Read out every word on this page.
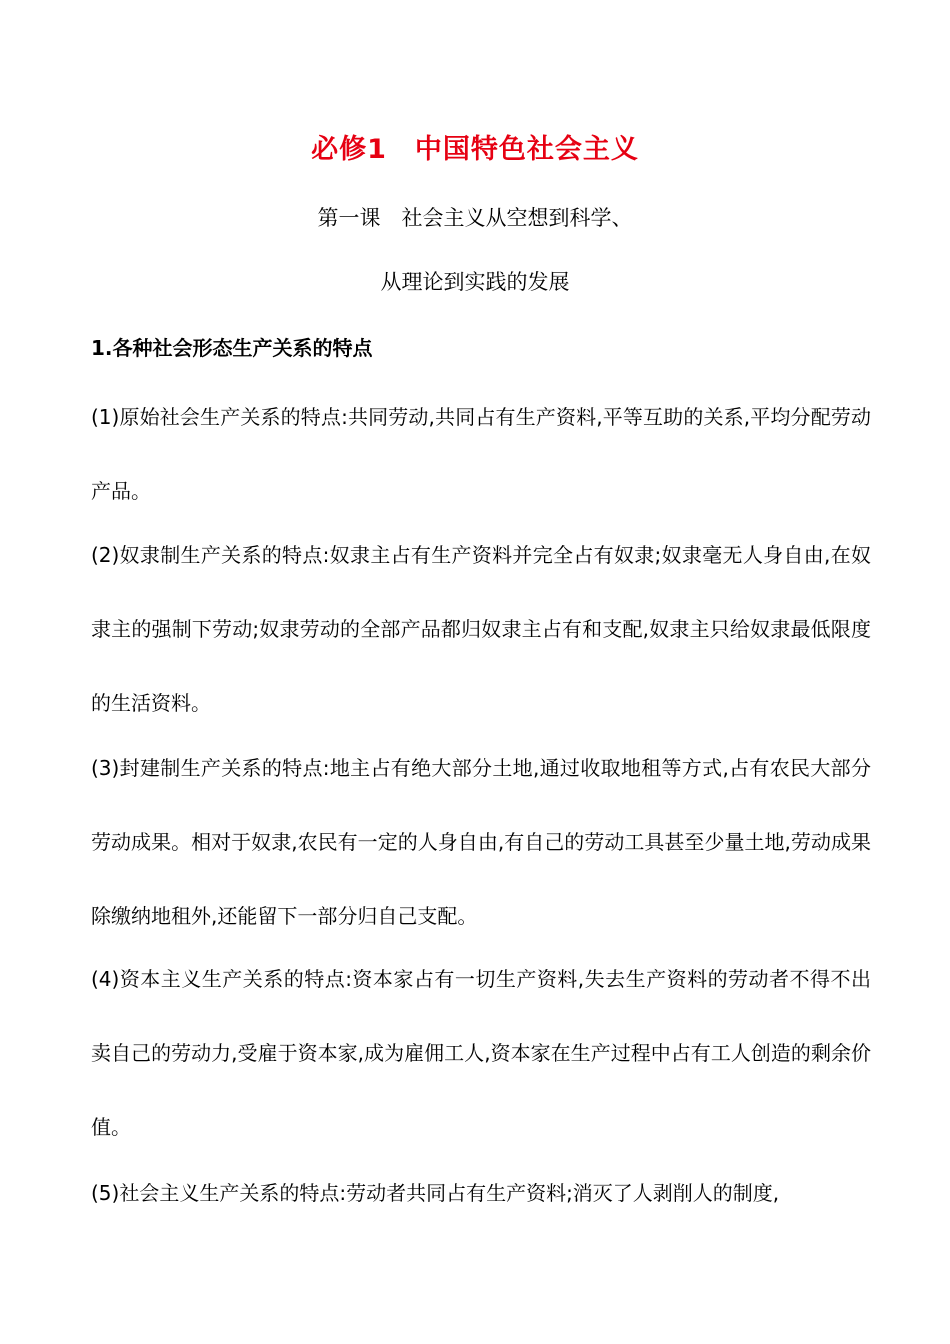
必修1　中国特色社会主义
第一课　社会主义从空想到科学、
从理论到实践的发展
1.各种社会形态生产关系的特点
(1)原始社会生产关系的特点:共同劳动,共同占有生产资料,平等互助的关系,平均分配劳动产品。
(2)奴隶制生产关系的特点:奴隶主占有生产资料并完全占有奴隶;奴隶毫无人身自由,在奴隶主的强制下劳动;奴隶劳动的全部产品都归奴隶主占有和支配,奴隶主只给奴隶最低限度的生活资料。
(3)封建制生产关系的特点:地主占有绝大部分土地,通过收取地租等方式,占有农民大部分劳动成果。相对于奴隶,农民有一定的人身自由,有自己的劳动工具甚至少量土地,劳动成果除缴纳地租外,还能留下一部分归自己支配。
(4)资本主义生产关系的特点:资本家占有一切生产资料,失去生产资料的劳动者不得不出卖自己的劳动力,受雇于资本家,成为雇佣工人,资本家在生产过程中占有工人创造的剩余价值。
(5)社会主义生产关系的特点:劳动者共同占有生产资料;消灭了人剥削人的制度,
